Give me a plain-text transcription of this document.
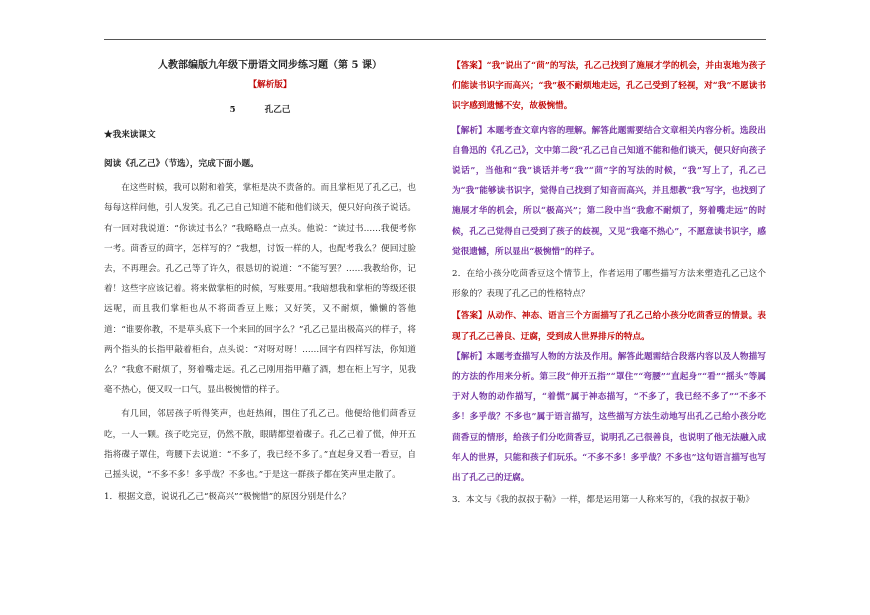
人教部编版九年级下册语文同步练习题（第 5 课）
【解析版】
5	孔乙己
★我来读课文
阅读《孔乙己》（节选），完成下面小题。

在这些时候，我可以附和着笑，掌柜是决不责备的。而且掌柜见了孔乙己，也每每这样问他，引人发笑。孔乙己自己知道不能和他们谈天，便只好向孩子说话。有一回对我说道：“你读过书么？”我略略点一点头。他说：“读过书……我便考你一考。茴香豆的茴字，怎样写的？”我想，讨饭一样的人，也配考我么？便回过脸去，不再理会。孔乙己等了许久，很恳切的说道：“不能写罢？……我教给你，记着！这些字应该记着。将来做掌柜的时候，写账要用。”我暗想我和掌柜的等级还很远呢，而且我们掌柜也从不将茴香豆上账；又好笑，又不耐烦，懒懒的答他道：“谁要你教，不是草头底下一个来回的回字么？”孔乙己显出极高兴的样子，将两个指头的长指甲敲着柜台，点头说：“对呀对呀！……回字有四样写法，你知道么？”我愈不耐烦了，努着嘴走远。孔乙己刚用指甲蘸了酒，想在柜上写字，见我毫不热心，便又叹一口气，显出极惋惜的样子。

有几回，邻居孩子听得笑声，也赶热闹，围住了孔乙己。他便给他们茴香豆吃，一人一颗。孩子吃完豆，仍然不散，眼睛都望着碟子。孔乙己着了慌，伸开五指将碟子罩住，弯腰下去说道：“不多了，我已经不多了。”直起身又看一看豆，自己摇头说，“不多不多！多乎哉？不多也。”于是这一群孩子都在笑声里走散了。

1．根据文意，说说孔乙己“极高兴”“极惋惜”的原因分别是什么？

【答案】“我”说出了“茴”的写法，孔乙己找到了施展才学的机会，并由衷地为孩子们能读书识字而高兴；“我”极不耐烦地走远，孔乙己受到了轻视，对“我”不愿读书识字感到遗憾不安，故极惋惜。

【解析】本题考查文章内容的理解。解答此题需要结合文章相关内容分析。选段出自鲁迅的《孔乙己》，文中第二段“孔乙己自己知道不能和他们谈天，便只好向孩子说话”，当他和“我”谈话并考“我”“茴”字的写法的时候，“我”写上了，孔乙己为“我”能够读书识字，觉得自己找到了知音而高兴，并且想教“我”写字，也找到了施展才华的机会，所以“极高兴”；第二段中当“我愈不耐烦了，努着嘴走远”的时候，孔乙己觉得自己受到了孩子的歧视，又见“我毫不热心”，不愿意读书识字，感觉很遗憾，所以显出“极惋惜”的样子。

2．在给小孩分吃茴香豆这个情节上，作者运用了哪些描写方法来塑造孔乙己这个形象的？表现了孔乙己的性格特点？

【答案】从动作、神态、语言三个方面描写了孔乙己给小孩分吃茴香豆的情景。表现了孔乙己善良、迂腐，受到成人世界排斥的特点。

【解析】本题考查描写人物的方法及作用。解答此题需结合段落内容以及人物描写的方法的作用来分析。第三段“伸开五指”“罩住”“弯腰”“直起身”“看”“摇头”等属于对人物的动作描写，“着慌”属于神态描写，“不多了，我已经不多了”“不多不多！多乎哉？不多也”属于语言描写，这些描写方法生动地写出孔乙己给小孩分吃茴香豆的情形，给孩子们分吃茴香豆，说明孔乙己很善良，也说明了他无法融入成年人的世界，只能和孩子们玩乐。“不多不多！多乎哉？不多也”这句语言描写也写出了孔乙己的迂腐。

3．本文与《我的叔叔于勒》一样，都是运用第一人称来写的，《我的叔叔于勒》
